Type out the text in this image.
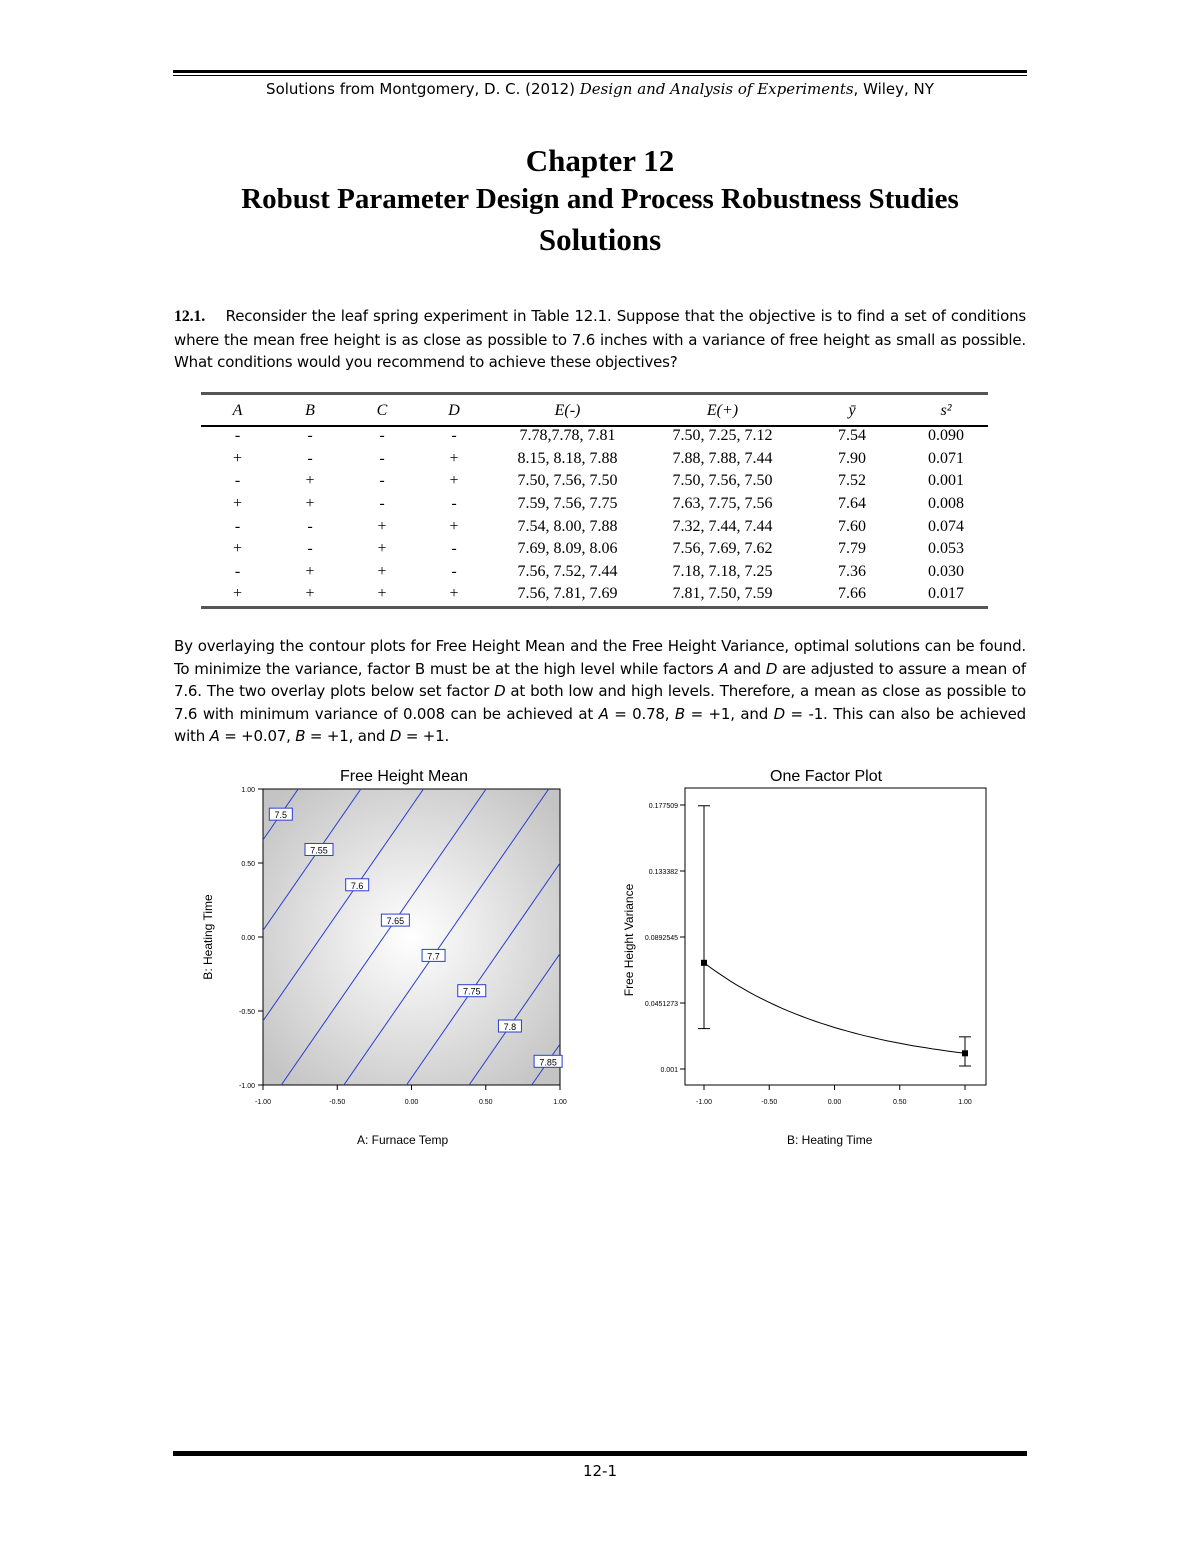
Solutions from Montgomery, D. C. (2012) Design and Analysis of Experiments, Wiley, NY
Chapter 12
Robust Parameter Design and Process Robustness Studies
Solutions
12.1. Reconsider the leaf spring experiment in Table 12.1. Suppose that the objective is to find a set of conditions where the mean free height is as close as possible to 7.6 inches with a variance of free height as small as possible. What conditions would you recommend to achieve these objectives?
A	B	C	D	E(-)	E(+)	ȳ	s²
-	-	-	-	7.78,7.78, 7.81	7.50, 7.25, 7.12	7.54	0.090
+	-	-	+	8.15, 8.18, 7.88	7.88, 7.88, 7.44	7.90	0.071
-	+	-	+	7.50, 7.56, 7.50	7.50, 7.56, 7.50	7.52	0.001
+	+	-	-	7.59, 7.56, 7.75	7.63, 7.75, 7.56	7.64	0.008
-	-	+	+	7.54, 8.00, 7.88	7.32, 7.44, 7.44	7.60	0.074
+	-	+	-	7.69, 8.09, 8.06	7.56, 7.69, 7.62	7.79	0.053
-	+	+	-	7.56, 7.52, 7.44	7.18, 7.18, 7.25	7.36	0.030
+	+	+	+	7.56, 7.81, 7.69	7.81, 7.50, 7.59	7.66	0.017
By overlaying the contour plots for Free Height Mean and the Free Height Variance, optimal solutions can be found. To minimize the variance, factor B must be at the high level while factors A and D are adjusted to assure a mean of 7.6. The two overlay plots below set factor D at both low and high levels. Therefore, a mean as close as possible to 7.6 with minimum variance of 0.008 can be achieved at A = 0.78, B = +1, and D = -1. This can also be achieved with A = +0.07, B = +1, and D = +1.
Free Height Mean
7.5
7.55
7.6
7.65
7.7
7.75
7.8
7.85
-1.00	-0.50	0.00	0.50	1.00
1.00
0.50
0.00
-0.50
-1.00
A: Furnace Temp
B: Heating Time
One Factor Plot
-1.00	-0.50	0.00	0.50	1.00
0.177509
0.133382
0.0892545
0.0451273
0.001
B: Heating Time
Free Height Variance
12-1
